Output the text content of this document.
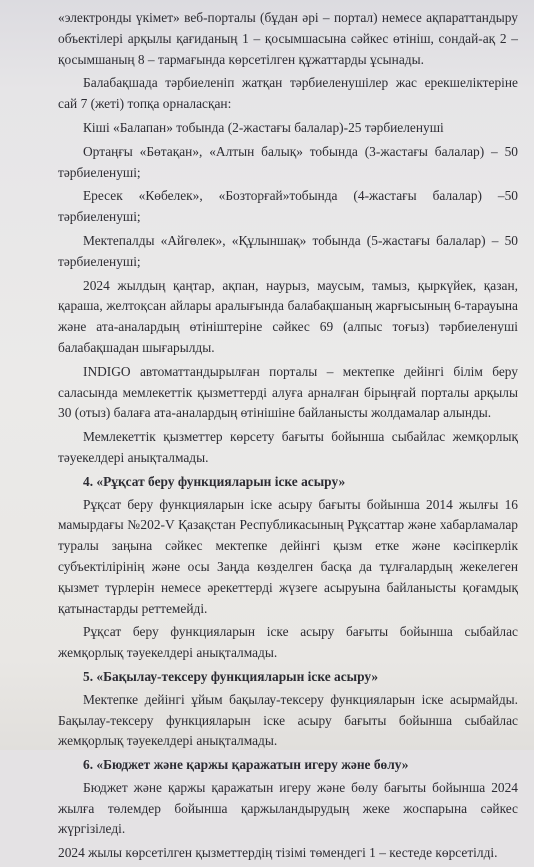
«электронды үкімет» веб-порталы (бұдан әрі – портал) немесе ақпараттандыру объектілері арқылы қағиданың 1 – қосымшасына сәйкес өтініш, сондай-ақ 2 – қосымшаның 8 – тармағында көрсетілген құжаттарды ұсынады.

Балабақшада тәрбиеленіп жатқан тәрбиеленушілер жас ерекшеліктеріне сай 7 (жеті) топқа орналасқан:

Кіші «Балапан» тобында (2-жастағы балалар)-25 тәрбиеленуші

Ортаңғы «Бөтақан», «Алтын балық» тобында (3-жастағы балалар) – 50 тәрбиеленуші;

Ересек «Көбелек», «Бозторғай»тобында (4-жастағы балалар) –50 тәрбиеленуші;

Мектепалды «Айгөлек», «Құлыншақ» тобында (5-жастағы балалар) – 50 тәрбиеленуші;

2024 жылдың қаңтар, ақпан, наурыз, маусым, тамыз, қыркүйек, қазан, қараша, желтоқсан айлары аралығында балабақшаның жарғысының 6-тарауына және ата-аналардың өтініштеріне сәйкес 69 (алпыс тоғыз) тәрбиеленуші балабақшадан шығарылды.

INDIGO автоматтандырылған порталы – мектепке дейінгі білім беру саласында мемлекеттік қызметтерді алуға арналған бірыңғай порталы арқылы 30 (отыз) балаға ата-аналардың өтінішіне байланысты жолдамалар алынды.

Мемлекеттік қызметтер көрсету бағыты бойынша сыбайлас жемқорлық тәуекелдері анықталмады.

4. «Рұқсат беру функцияларын іске асыру»

Рұқсат беру функцияларын іске асыру бағыты бойынша 2014 жылғы 16 мамырдағы №202-V Қазақстан Республикасының Рұқсаттар және хабарламалар туралы заңына сәйкес мектепке дейінгі қызм етке және кәсіпкерлік субъектілірінің және осы Заңда көзделген басқа да тұлғалардың жекелеген қызмет түрлерін немесе әрекеттерді жүзеге асыруына байланысты қоғамдық қатынастарды реттемейді.

Рұқсат беру функцияларын іске асыру бағыты бойынша сыбайлас жемқорлық тәуекелдері анықталмады.

5. «Бақылау-тексеру функцияларын іске асыру»

Мектепке дейінгі ұйым бақылау-тексеру функцияларын іске асырмайды. Бақылау-тексеру функцияларын іске асыру бағыты бойынша сыбайлас жемқорлық тәуекелдері анықталмады.

6. «Бюджет және қаржы қаражатын игеру және бөлу»

Бюджет және қаржы қаражатын игеру және бөлу бағыты бойынша 2024 жылға төлемдер бойынша қаржыландырудың жеке жоспарына сәйкес жүргізіледі.

2024 жылы көрсетілген қызметтердің тізімі төмендегі 1 – кестеде көрсетілді.
